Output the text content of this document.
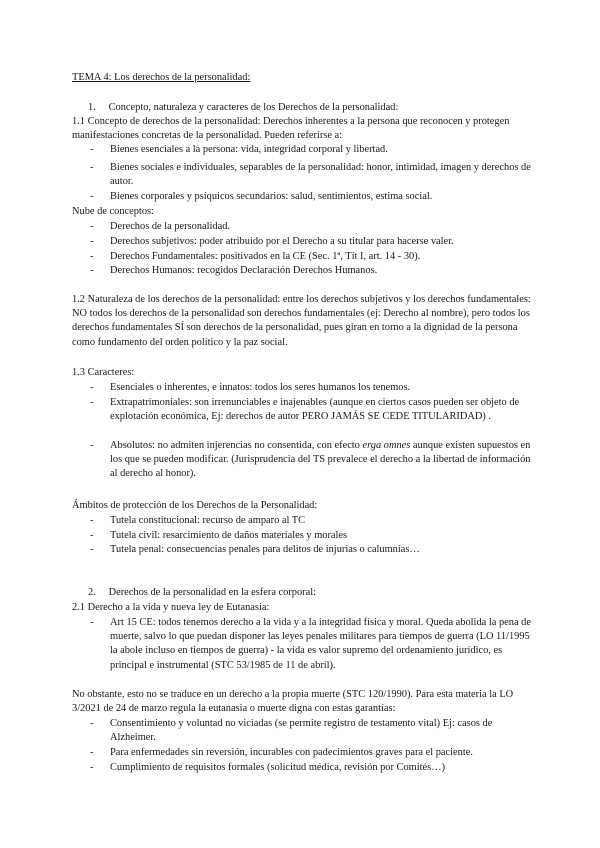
TEMA 4: Los derechos de la personalidad:
1. Concepto, naturaleza y caracteres de los Derechos de la personalidad:
1.1 Concepto de derechos de la personalidad: Derechos inherentes a la persona que reconocen y protegen manifestaciones concretas de la personalidad. Pueden referirse a:
- Bienes esenciales a la persona: vida, integridad corporal y libertad.
- Bienes sociales e individuales, separables de la personalidad: honor, intimidad, imagen y derechos de autor.
- Bienes corporales y psíquicos secundarios: salud, sentimientos, estima social.
Nube de conceptos:
- Derechos de la personalidad.
- Derechos subjetivos: poder atribuido por el Derecho a su titular para hacerse valer.
- Derechos Fundamentales: positivados en la CE (Sec. 1ª, Tít I, art. 14 - 30).
- Derechos Humanos: recogidos Declaración Derechos Humanos.
1.2 Naturaleza de los derechos de la personalidad: entre los derechos subjetivos y los derechos fundamentales: NO todos los derechos de la personalidad son derechos fundamentales (ej: Derecho al nombre), pero todos los derechos fundamentales SÍ son derechos de la personalidad, pues giran en torno a la dignidad de la persona como fundamento del orden político y la paz social.
1.3 Caracteres:
- Esenciales o inherentes, e innatos: todos los seres humanos los tenemos.
- Extrapatrimoniales: son irrenunciables e inajenables (aunque en ciertos casos pueden ser objeto de explotación económica, Ej: derechos de autor PERO JAMÁS SE CEDE TITULARIDAD) .
- Absolutos: no admiten injerencias no consentida, con efecto erga omnes aunque existen supuestos en los que se pueden modificar. (Jurisprudencia del TS prevalece el derecho a la libertad de información al derecho al honor).
Ámbitos de protección de los Derechos de la Personalidad:
- Tutela constitucional: recurso de amparo al TC
- Tutela civil: resarcimiento de daños materiales y morales
- Tutela penal: consecuencias penales para delitos de injurias o calumnias…
2. Derechos de la personalidad en la esfera corporal:
2.1 Derecho a la vida y nueva ley de Eutanasia:
- Art 15 CE: todos tenemos derecho a la vida y a la integridad física y moral. Queda abolida la pena de muerte, salvo lo que puedan disponer las leyes penales militares para tiempos de guerra (LO 11/1995 la abole incluso en tiempos de guerra) - la vida es valor supremo del ordenamiento jurídico, es principal e instrumental (STC 53/1985 de 11 de abril).
No obstante, esto no se traduce en un derecho a la propia muerte (STC 120/1990). Para esta materia la LO 3/2021 de 24 de marzo regula la eutanasia o muerte digna con estas garantías:
- Consentimiento y voluntad no viciadas (se permite registro de testamento vital) Ej: casos de Alzheimer.
- Para enfermedades sin reversión, incurables con padecimientos graves para el paciente.
- Cumplimiento de requisitos formales (solicitud médica, revisión por Comités…)
